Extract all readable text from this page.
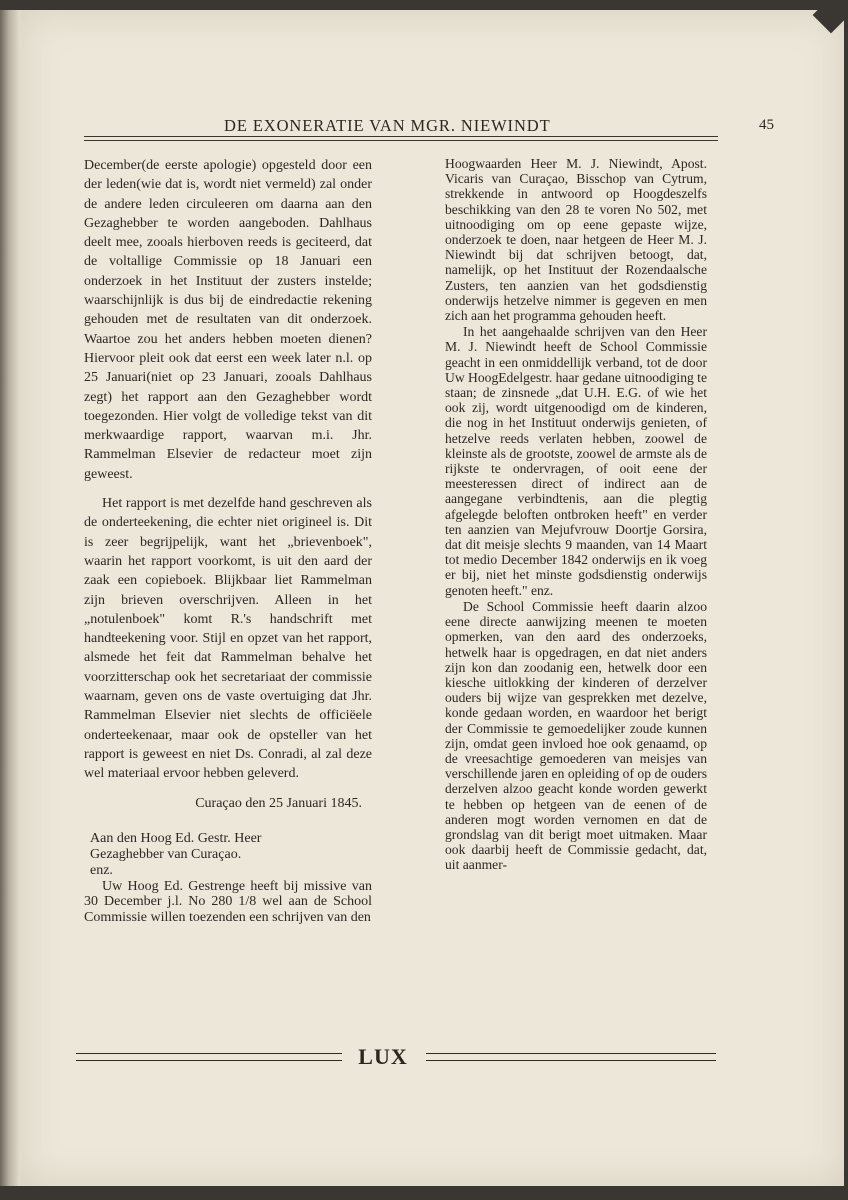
DE EXONERATIE VAN MGR. NIEWINDT	45

December(de eerste apologie) opgesteld door een der leden(wie dat is, wordt niet vermeld) zal onder de andere leden circuleeren om daarna aan den Gezaghebber te worden aangeboden. Dahlhaus deelt mee, zooals hierboven reeds is geciteerd, dat de voltallige Commissie op 18 Januari een onderzoek in het Instituut der zusters instelde; waarschijnlijk is dus bij de eindredactie rekening gehouden met de resultaten van dit onderzoek. Waartoe zou het anders hebben moeten dienen? Hiervoor pleit ook dat eerst een week later n.l. op 25 Januari(niet op 23 Januari, zooals Dahlhaus zegt) het rapport aan den Gezaghebber wordt toegezonden. Hier volgt de volledige tekst van dit merkwaardige rapport, waarvan m.i. Jhr. Rammelman Elsevier de redacteur moet zijn geweest.

Het rapport is met dezelfde hand geschreven als de onderteekening, die echter niet origineel is. Dit is zeer begrijpelijk, want het „brievenboek", waarin het rapport voorkomt, is uit den aard der zaak een copieboek. Blijkbaar liet Rammelman zijn brieven overschrijven. Alleen in het „notulenboek" komt R.'s handschrift met handteekening voor. Stijl en opzet van het rapport, alsmede het feit dat Rammelman behalve het voorzitterschap ook het secretariaat der commissie waarnam, geven ons de vaste overtuiging dat Jhr. Rammelman Elsevier niet slechts de officiëele onderteekenaar, maar ook de opsteller van het rapport is geweest en niet Ds. Conradi, al zal deze wel materiaal ervoor hebben geleverd.

Curaçao den 25 Januari 1845.

Aan den Hoog Ed. Gestr. Heer
Gezaghebber van Curaçao.
enz.

Uw Hoog Ed. Gestrenge heeft bij missive van 30 December j.l. No 280 1/8 wel aan de School Commissie willen toezenden een schrijven van den

Hoogwaarden Heer M. J. Niewindt, Apost. Vicaris van Curaçao, Bisschop van Cytrum, strekkende in antwoord op Hoogdeszelfs beschikking van den 28 te voren No 502, met uitnoodiging om op eene gepaste wijze, onderzoek te doen, naar hetgeen de Heer M. J. Niewindt bij dat schrijven betoogt, dat, namelijk, op het Instituut der Rozendaalsche Zusters, ten aanzien van het godsdienstig onderwijs hetzelve nimmer is gegeven en men zich aan het programma gehouden heeft.

In het aangehaalde schrijven van den Heer M. J. Niewindt heeft de School Commissie geacht in een onmiddellijk verband, tot de door Uw HoogEdelgestr. haar gedane uitnoodiging te staan; de zinsnede „dat U.H. E.G. of wie het ook zij, wordt uitgenoodigd om de kinderen, die nog in het Instituut onderwijs genieten, of hetzelve reeds verlaten hebben, zoowel de kleinste als de grootste, zoowel de armste als de rijkste te ondervragen, of ooit eene der meesteressen direct of indirect aan de aangegane verbindtenis, aan die plegtig afgelegde beloften ontbroken heeft" en verder ten aanzien van Mejufvrouw Doortje Gorsira, dat dit meisje slechts 9 maanden, van 14 Maart tot medio December 1842 onderwijs en ik voeg er bij, niet het minste godsdienstig onderwijs genoten heeft." enz.

De School Commissie heeft daarin alzoo eene directe aanwijzing meenen te moeten opmerken, van den aard des onderzoeks, hetwelk haar is opgedragen, en dat niet anders zijn kon dan zoodanig een, hetwelk door een kiesche uitlokking der kinderen of derzelver ouders bij wijze van gesprekken met dezelve, konde gedaan worden, en waardoor het berigt der Commissie te gemoedelijker zoude kunnen zijn, omdat geen invloed hoe ook genaamd, op de vreesachtige gemoederen van meisjes van verschillende jaren en opleiding of op de ouders derzelven alzoo geacht konde worden gewerkt te hebben op hetgeen van de eenen of de anderen mogt worden vernomen en dat de grondslag van dit berigt moet uitmaken. Maar ook daarbij heeft de Commissie gedacht, dat, uit aanmer-

LUX
